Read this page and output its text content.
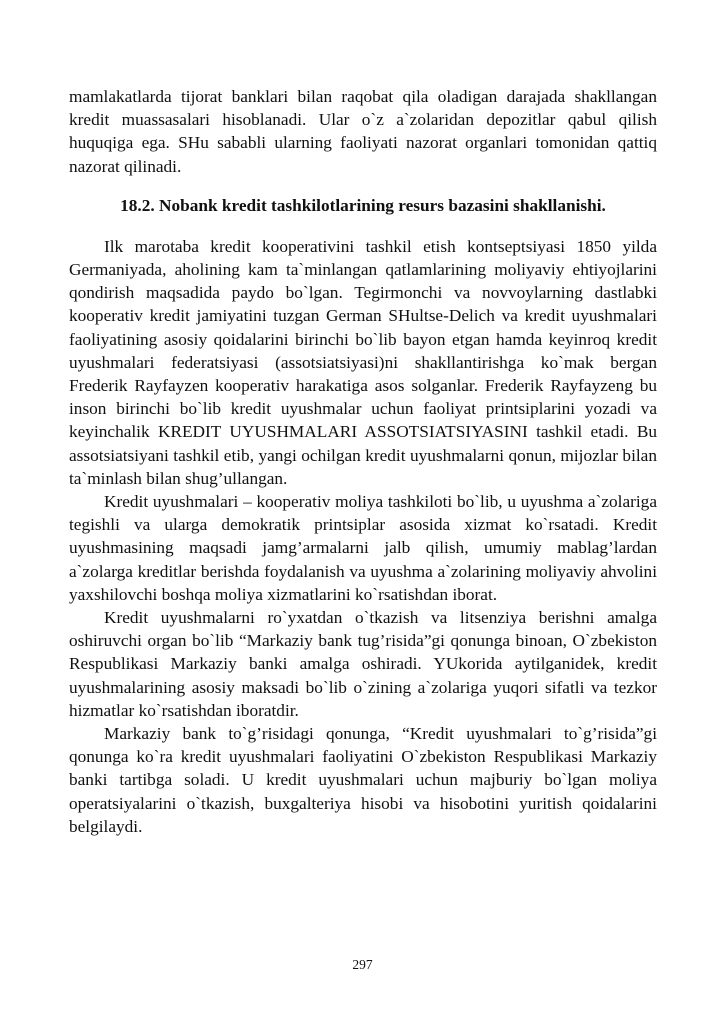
mamlakatlarda tijorat banklari bilan raqobat qila oladigan darajada shakllangan kredit muassasalari hisoblanadi. Ular o`z a`zolaridan depozitlar qabul qilish huquqiga ega. SHu sababli ularning faoliyati nazorat organlari tomonidan qattiq nazorat qilinadi.

18.2. Nobank kredit tashkilotlarining resurs bazasini shakllanishi.

Ilk marotaba kredit kooperativini tashkil etish kontseptsiyasi 1850 yilda Germaniyada, aholining kam ta`minlangan qatlamlarining moliyaviy ehtiyojlarini qondirish maqsadida paydo bo`lgan. Tegirmonchi va novvoylarning dastlabki kooperativ kredit jamiyatini tuzgan German SHultse-Delich va kredit uyushmalari faoliyatining asosiy qoidalarini birinchi bo`lib bayon etgan hamda keyinroq kredit uyushmalari federatsiyasi (assotsiatsiyasi)ni shakllantirishga ko`mak bergan Frederik Rayfayzen kooperativ harakatiga asos solganlar. Frederik Rayfayzeng bu inson birinchi bo`lib kredit uyushmalar uchun faoliyat printsiplarini yozadi va keyinchalik KREDIT UYUSHMALARI ASSOTSIATSIYASINI tashkil etadi. Bu assotsiatsiyani tashkil etib, yangi ochilgan kredit uyushmalarni qonun, mijozlar bilan ta`minlash bilan shug’ullangan.

Kredit uyushmalari – kooperativ moliya tashkiloti bo`lib, u uyushma a`zolariga tegishli va ularga demokratik printsiplar asosida xizmat ko`rsatadi. Kredit uyushmasining maqsadi jamg’armalarni jalb qilish, umumiy mablag’lardan a`zolarga kreditlar berishda foydalanish va uyushma a`zolarining moliyaviy ahvolini yaxshilovchi boshqa moliya xizmatlarini ko`rsatishdan iborat.

Kredit uyushmalarni ro`yxatdan o`tkazish va litsenziya berishni amalga oshiruvchi organ bo`lib “Markaziy bank tug’risida”gi qonunga binoan, O`zbekiston Respublikasi Markaziy banki amalga oshiradi. YUkorida aytilganidek, kredit uyushmalarining asosiy maksadi bo`lib o`zining a`zolariga yuqori sifatli va tezkor hizmatlar ko`rsatishdan iboratdir.

Markaziy bank to`g’risidagi qonunga, “Kredit uyushmalari to`g’risida”gi qonunga ko`ra kredit uyushmalari faoliyatini O`zbekiston Respublikasi Markaziy banki tartibga soladi. U kredit uyushmalari uchun majburiy bo`lgan moliya operatsiyalarini o`tkazish, buxgalteriya hisobi va hisobotini yuritish qoidalarini belgilaydi.

297
